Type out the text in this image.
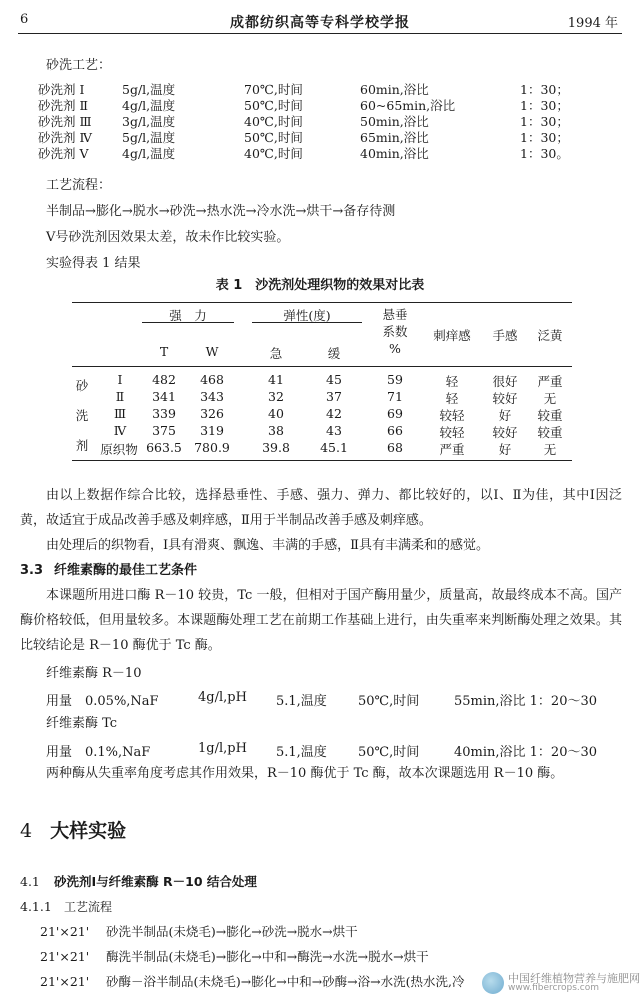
6	成都纺织高等专科学校学报	1994 年
砂洗工艺：
砂洗剂 Ⅰ	5g/l,温度	70℃,时间	60min,浴比	1：30；
砂洗剂 Ⅱ	4g/l,温度	50℃,时间	60~65min,浴比	1：30；
砂洗剂 Ⅲ 3g/l,温度	40℃,时间	50min,浴比	1：30；
砂洗剂 Ⅳ 5g/l,温度	50℃,时间	65min,浴比	1：30；
砂洗剂 Ⅴ	4g/l,温度	40℃,时间	40min,浴比	1：30。
工艺流程：
半制品→膨化→脱水→砂洗→热水洗→冷水洗→烘干→备存待测
Ⅴ号砂洗剂因效果太差，故未作比较实验。
实验得表 1 结果
表 1　沙洗剂处理织物的效果对比表
强　力
T	W
弹性(度)
急	缓
悬垂
系数
%
刺痒感	手感	泛黄
砂
洗
剂
Ⅰ	482	468	41	45	59	轻	很好	严重
Ⅱ	341	343	32	37	71	轻	较好	无
Ⅲ	339	326	40	42	69	较轻	好	较重
Ⅳ	375	319	38	43	66	较轻	较好	较重
原织物 663.5 780.9	39.8	45.1	68	严重	好	无
由以上数据作综合比较，选择悬垂性、手感、强力、弹力、都比较好的，以Ⅰ、Ⅱ为佳，其中Ⅰ因泛黄，故适宜于成品改善手感及刺痒感，Ⅱ用于半制品改善手感及刺痒感。
由处理后的织物看，Ⅰ具有滑爽、飘逸、丰满的手感，Ⅱ具有丰满柔和的感觉。
3.3 纤维素酶的最佳工艺条件
本课题所用进口酶 R－10 较贵，Tc 一般，但相对于国产酶用量少，质量高，故最终成本不高。国产酶价格较低，但用量较多。本课题酶处理工艺在前期工作基础上进行，由失重率来判断酶处理之效果。其比较结论是 R－10 酶优于 Tc 酶。
纤维素酶 R－10
用量　0.05%,NaF	4g/l,pH 5.1,温度 50℃,时间	55min,浴比 1：20～30
纤维素酶 Tc
用量　0.1%,NaF	1g/l,pH 5.1,温度 50℃,时间	40min,浴比 1：20～30
两种酶从失重率角度考虑其作用效果，R－10 酶优于 Tc 酶，故本次课题选用 R－10 酶。
4 大样实验
4.1 砂洗剂Ⅰ与纤维素酶 R－10 结合处理
4.1.1 工艺流程
21'×21' 砂洗半制品(未烧毛)→膨化→砂洗→脱水→烘干
21'×21' 酶洗半制品(未烧毛)→膨化→中和→酶洗→水洗→脱水→烘干
21'×21' 砂酶－浴半制品(未烧毛)→膨化→中和→砂酶→浴→水洗(热水洗,冷	中国纤维植物营养与施肥网
www.fibercrops.com
